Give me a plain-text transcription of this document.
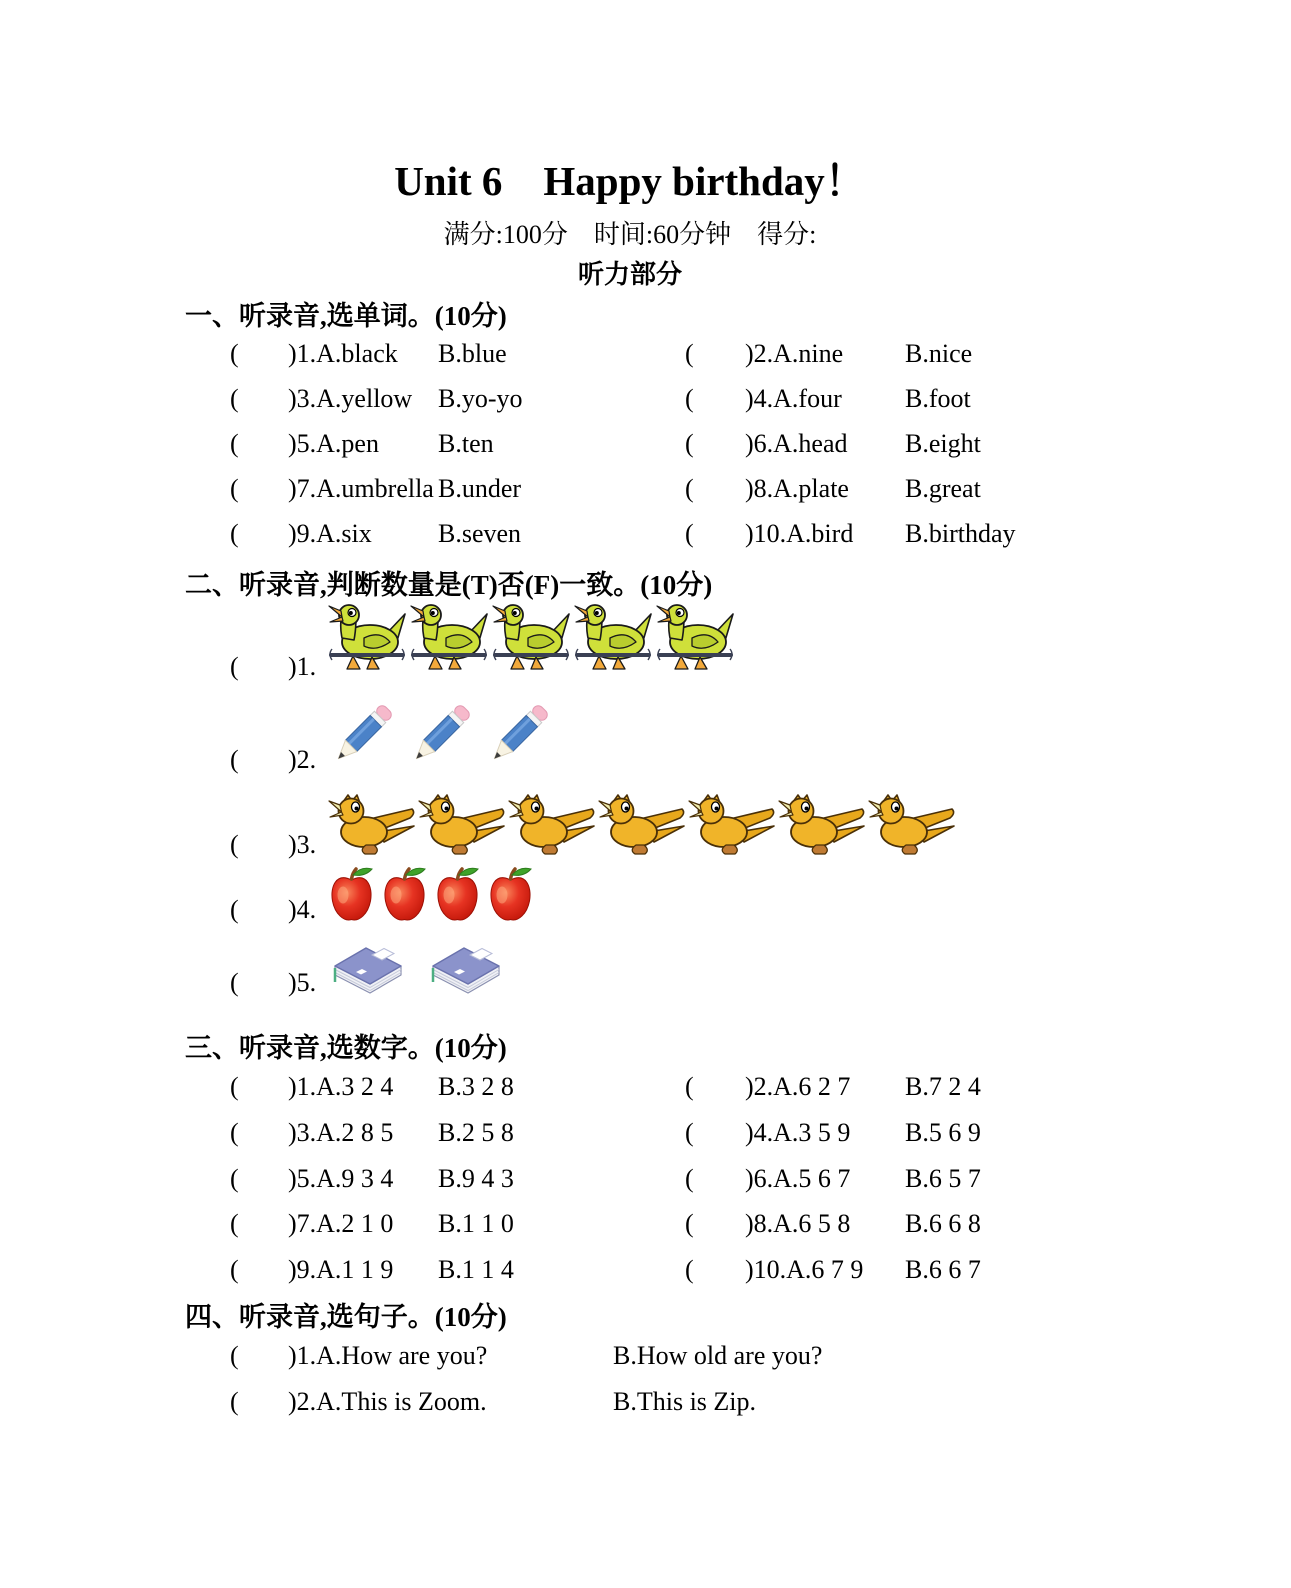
Unit 6    Happy birthday！
满分:100分　时间:60分钟　得分:
听力部分
一、听录音,选单词。(10分)
(	)1.A.black	B.blue	(	)2.A.nine	B.nice
(	)3.A.yellow B.yo-yo	(	)4.A.four	B.foot
(	)5.A.pen	B.ten	(	)6.A.head	B.eight
(	)7.A.umbrella B.under	(	)8.A.plate	B.great
(	)9.A.six	B.seven	(	)10.A.bird	B.birthday
二、听录音,判断数量是(T)否(F)一致。(10分)
(	)1.
(	)2.
(	)3.
(	)4.
(	)5.
三、听录音,选数字。(10分)
(	)1.A.3 2 4	B.3 2 8	(	)2.A.6 2 7	B.7 2 4
(	)3.A.2 8 5	B.2 5 8	(	)4.A.3 5 9	B.5 6 9
(	)5.A.9 3 4	B.9 4 3	(	)6.A.5 6 7	B.6 5 7
(	)7.A.2 1 0	B.1 1 0	(	)8.A.6 5 8	B.6 6 8
(	)9.A.1 1 9	B.1 1 4	(	)10.A.6 7 9	B.6 6 7
四、听录音,选句子。(10分)
(	)1.A.How are you?	B.How old are you?
(	)2.A.This is Zoom.	B.This is Zip.
